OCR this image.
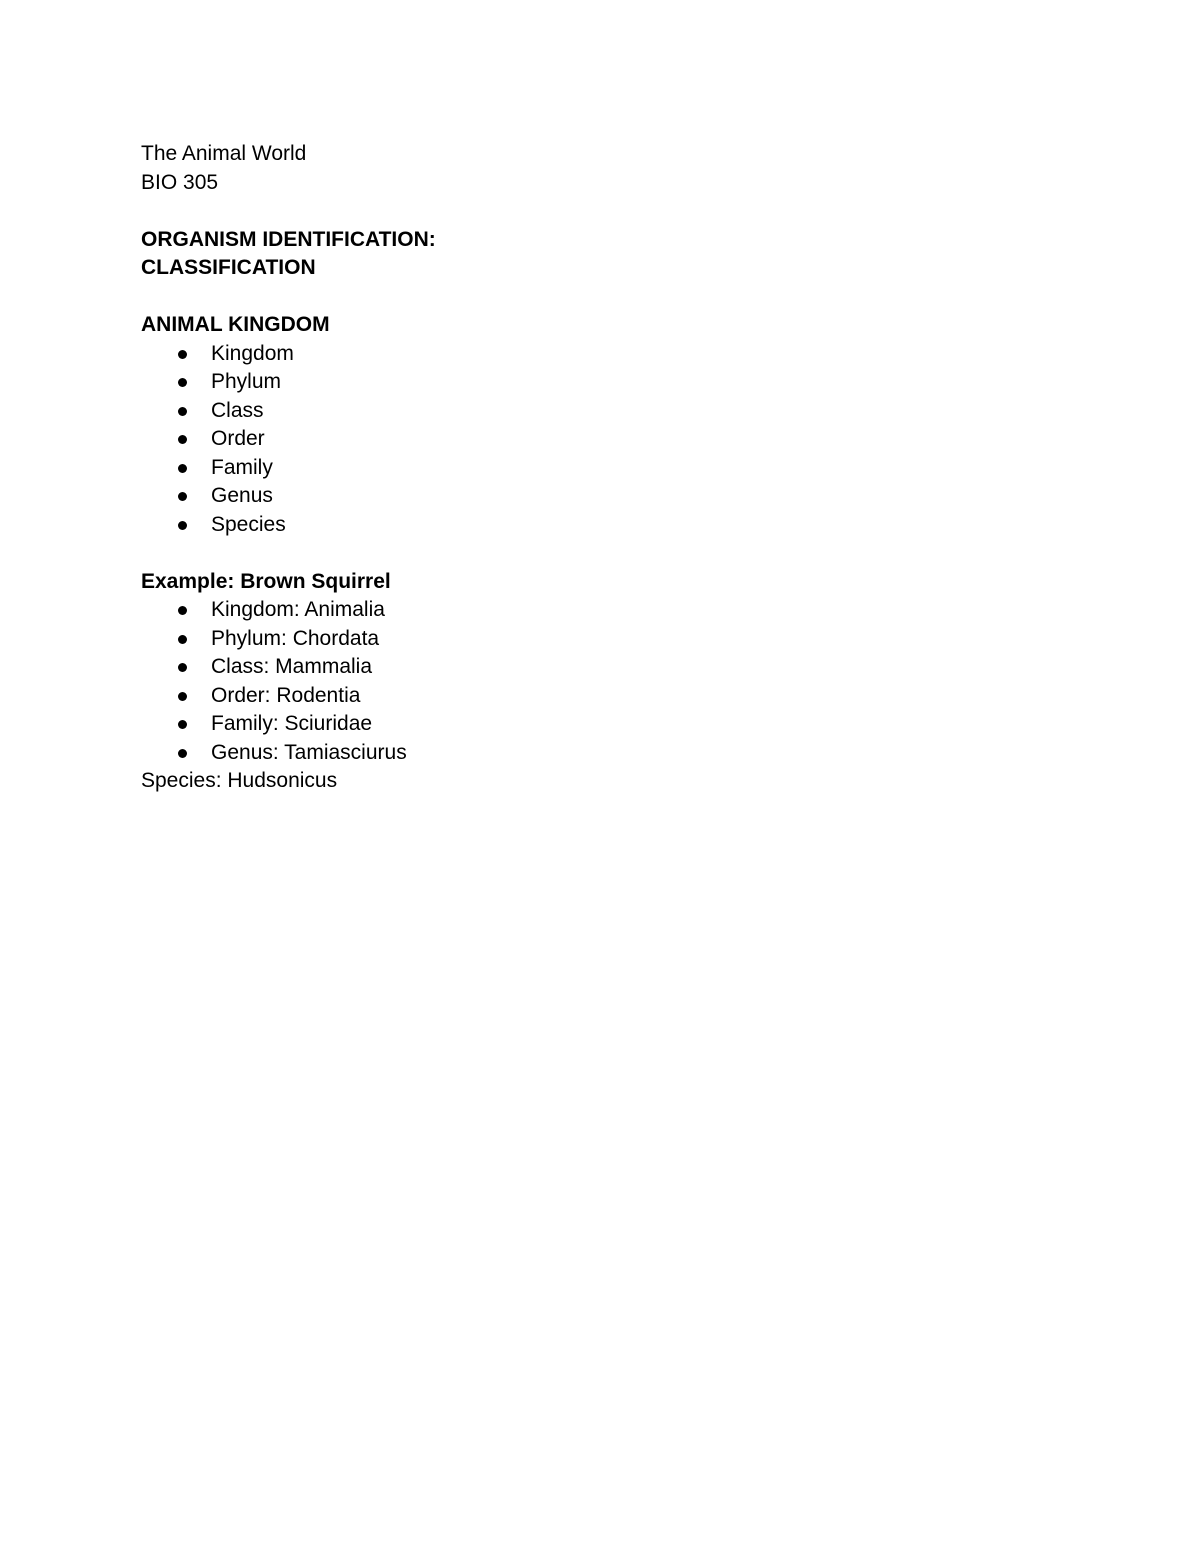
The Animal World

BIO 305

ORGANISM IDENTIFICATION:

CLASSIFICATION

ANIMAL KINGDOM

Kingdom
Phylum
Class
Order
Family
Genus
Species

Example: Brown Squirrel

Kingdom: Animalia
Phylum: Chordata
Class: Mammalia
Order: Rodentia
Family: Sciuridae
Genus: Tamiasciurus

Species: Hudsonicus
